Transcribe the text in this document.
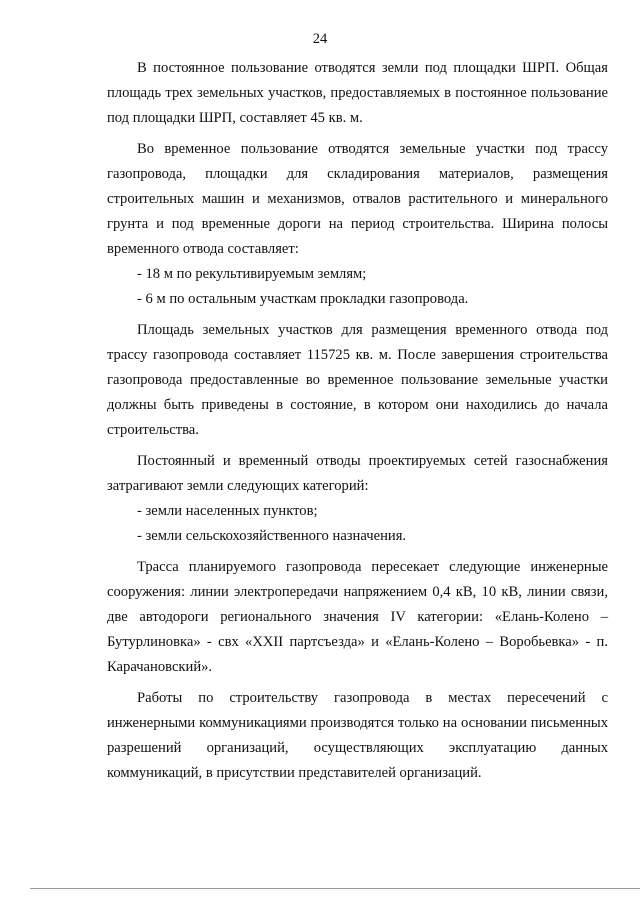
24

В постоянное пользование отводятся земли под площадки ШРП. Общая площадь трех земельных участков, предоставляемых в постоянное пользование под площадки ШРП, составляет 45 кв. м.

Во временное пользование отводятся земельные участки под трассу газопровода, площадки для складирования материалов, размещения строительных машин и механизмов, отвалов растительного и минерального грунта и под временные дороги на период строительства. Ширина полосы временного отвода составляет:

- 18 м по рекультивируемым землям;

- 6 м по остальным участкам прокладки газопровода.

Площадь земельных участков для размещения временного отвода под трассу газопровода составляет 115725 кв. м. После завершения строительства газопровода предоставленные во временное пользование земельные участки должны быть приведены в состояние, в котором они находились до начала строительства.

Постоянный и временный отводы проектируемых сетей газоснабжения затрагивают земли следующих категорий:

- земли населенных пунктов;

- земли сельскохозяйственного назначения.

Трасса планируемого газопровода пересекает следующие инженерные сооружения: линии электропередачи напряжением 0,4 кВ, 10 кВ, линии связи, две автодороги регионального значения IV категории: «Елань-Колено – Бутурлиновка» - свх «XXII партсъезда» и «Елань-Колено – Воробьевка» - п. Карачановский».

Работы по строительству газопровода в местах пересечений с инженерными коммуникациями производятся только на основании письменных разрешений организаций, осуществляющих эксплуатацию данных коммуникаций, в присутствии представителей организаций.
